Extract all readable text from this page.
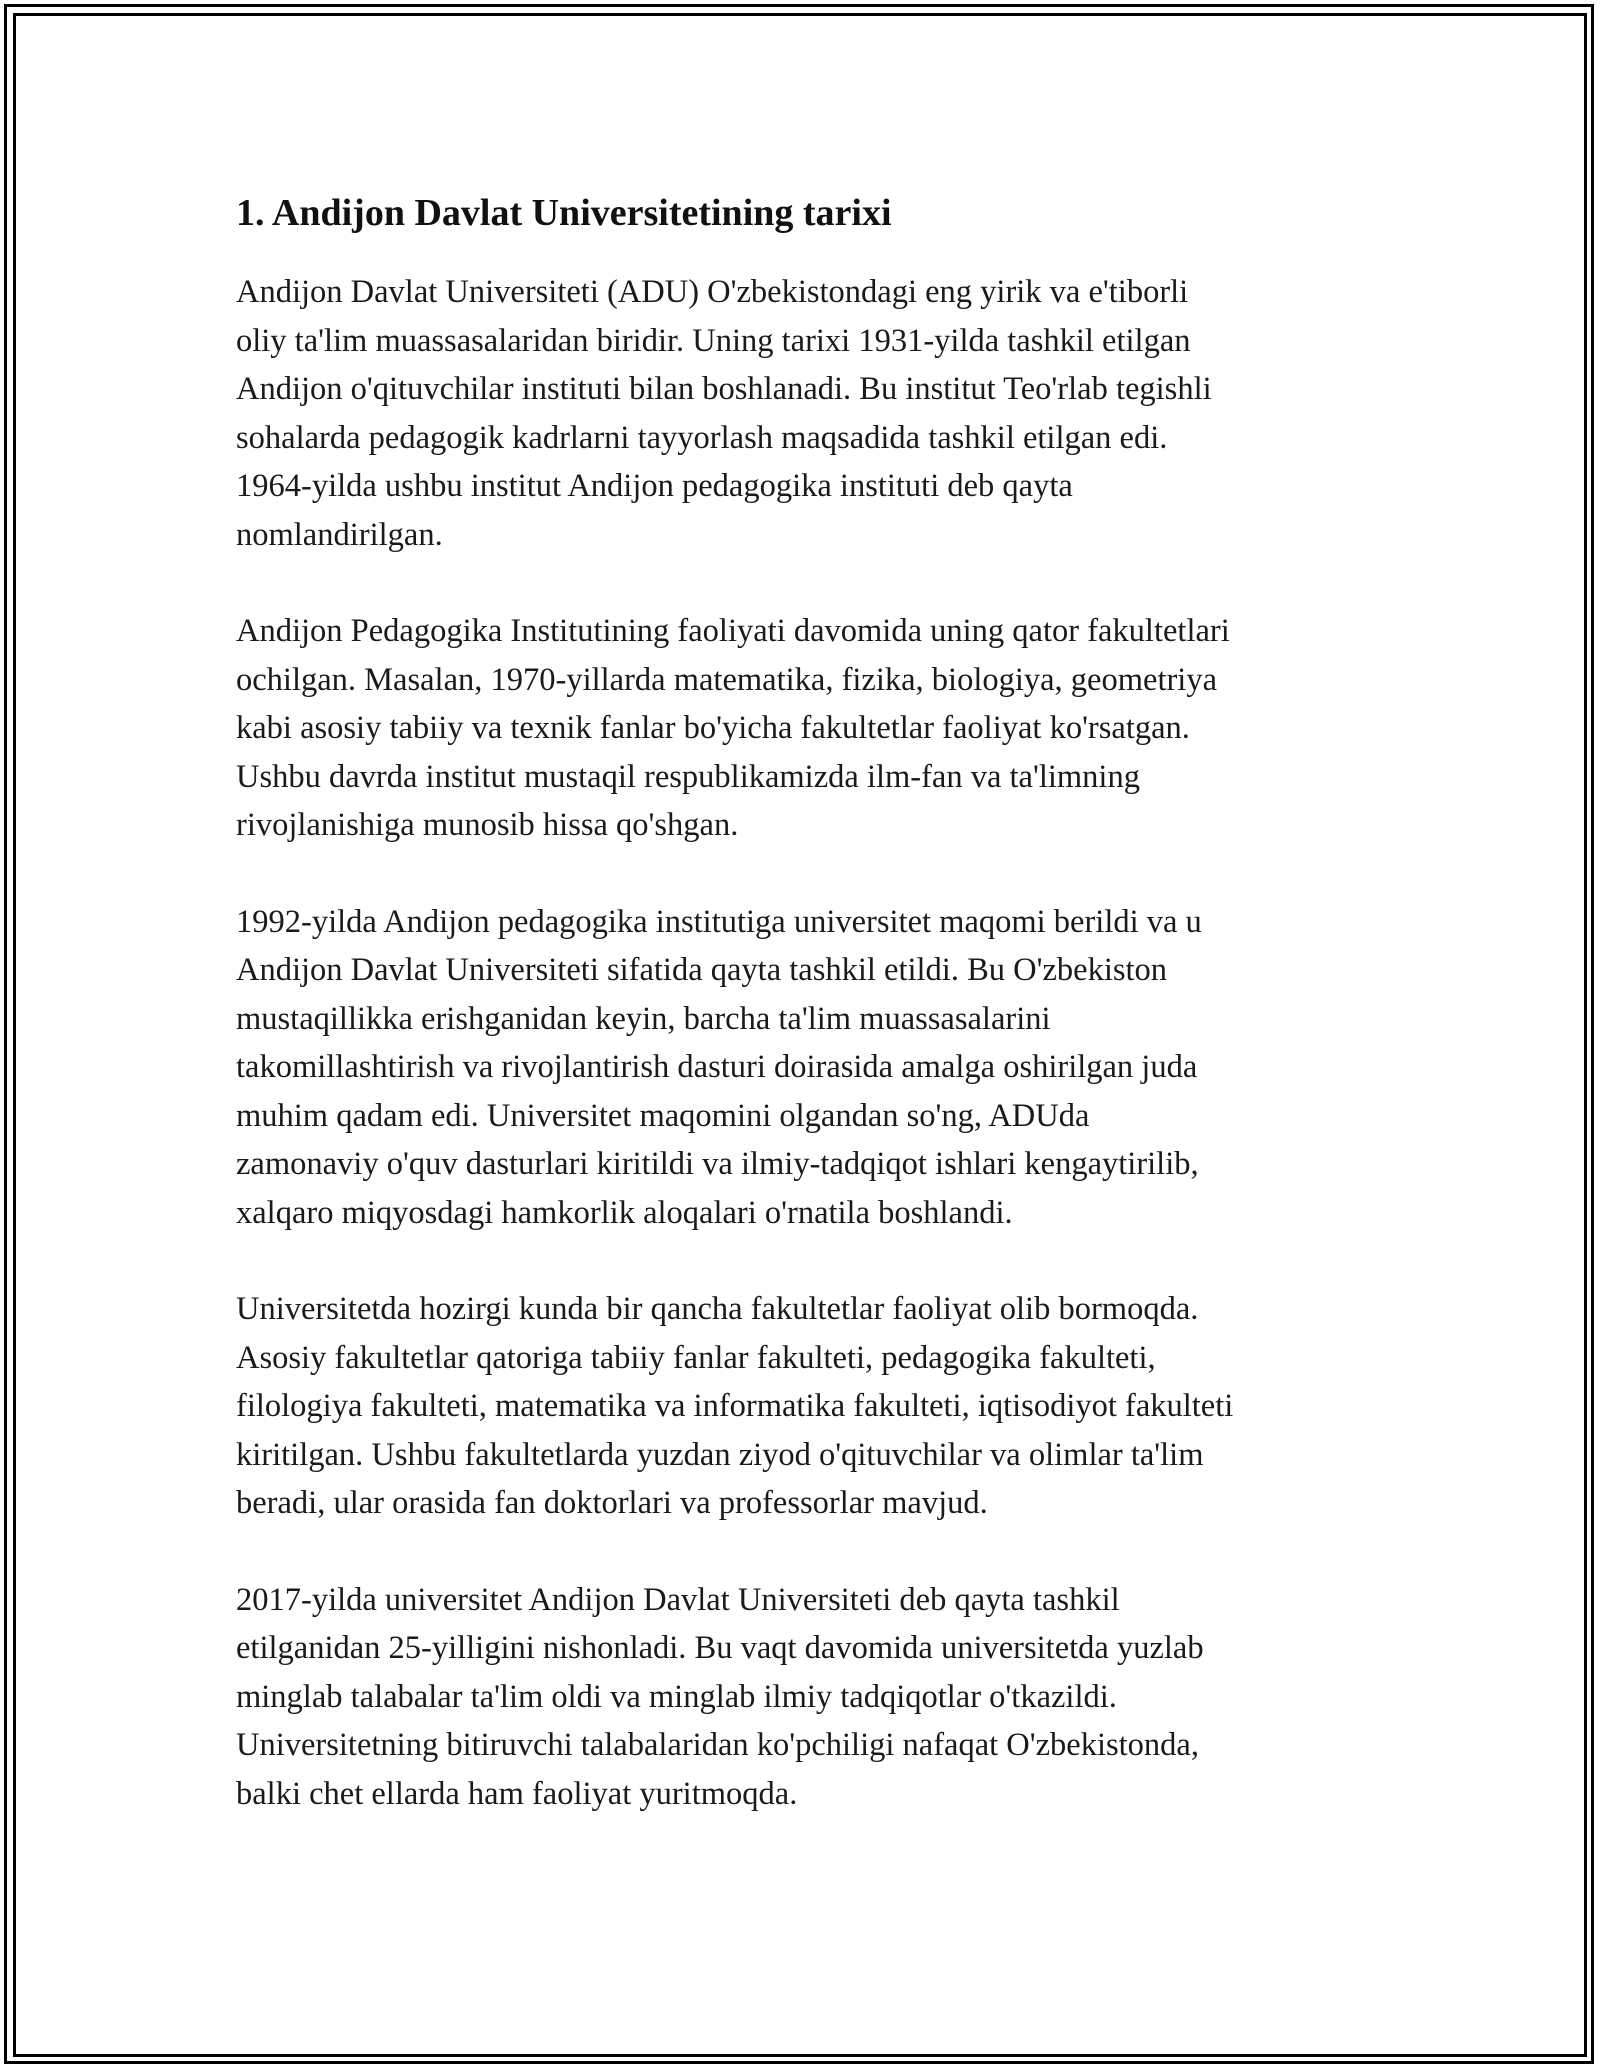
1. Andijon Davlat Universitetining tarixi

Andijon Davlat Universiteti (ADU) O'zbekistondagi eng yirik va e'tiborli
oliy ta'lim muassasalaridan biridir. Uning tarixi 1931-yilda tashkil etilgan
Andijon o'qituvchilar instituti bilan boshlanadi. Bu institut Teo'rlab tegishli
sohalarda pedagogik kadrlarni tayyorlash maqsadida tashkil etilgan edi.
1964-yilda ushbu institut Andijon pedagogika instituti deb qayta
nomlandirilgan.

Andijon Pedagogika Institutining faoliyati davomida uning qator fakultetlari
ochilgan. Masalan, 1970-yillarda matematika, fizika, biologiya, geometriya
kabi asosiy tabiiy va texnik fanlar bo'yicha fakultetlar faoliyat ko'rsatgan.
Ushbu davrda institut mustaqil respublikamizda ilm-fan va ta'limning
rivojlanishiga munosib hissa qo'shgan.

1992-yilda Andijon pedagogika institutiga universitet maqomi berildi va u
Andijon Davlat Universiteti sifatida qayta tashkil etildi. Bu O'zbekiston
mustaqillikka erishganidan keyin, barcha ta'lim muassasalarini
takomillashtirish va rivojlantirish dasturi doirasida amalga oshirilgan juda
muhim qadam edi. Universitet maqomini olgandan so'ng, ADUda
zamonaviy o'quv dasturlari kiritildi va ilmiy-tadqiqot ishlari kengaytirilib,
xalqaro miqyosdagi hamkorlik aloqalari o'rnatila boshlandi.

Universitetda hozirgi kunda bir qancha fakultetlar faoliyat olib bormoqda.
Asosiy fakultetlar qatoriga tabiiy fanlar fakulteti, pedagogika fakulteti,
filologiya fakulteti, matematika va informatika fakulteti, iqtisodiyot fakulteti
kiritilgan. Ushbu fakultetlarda yuzdan ziyod o'qituvchilar va olimlar ta'lim
beradi, ular orasida fan doktorlari va professorlar mavjud.

2017-yilda universitet Andijon Davlat Universiteti deb qayta tashkil
etilganidan 25-yilligini nishonladi. Bu vaqt davomida universitetda yuzlab
minglab talabalar ta'lim oldi va minglab ilmiy tadqiqotlar o'tkazildi.
Universitetning bitiruvchi talabalaridan ko'pchiligi nafaqat O'zbekistonda,
balki chet ellarda ham faoliyat yuritmoqda.
